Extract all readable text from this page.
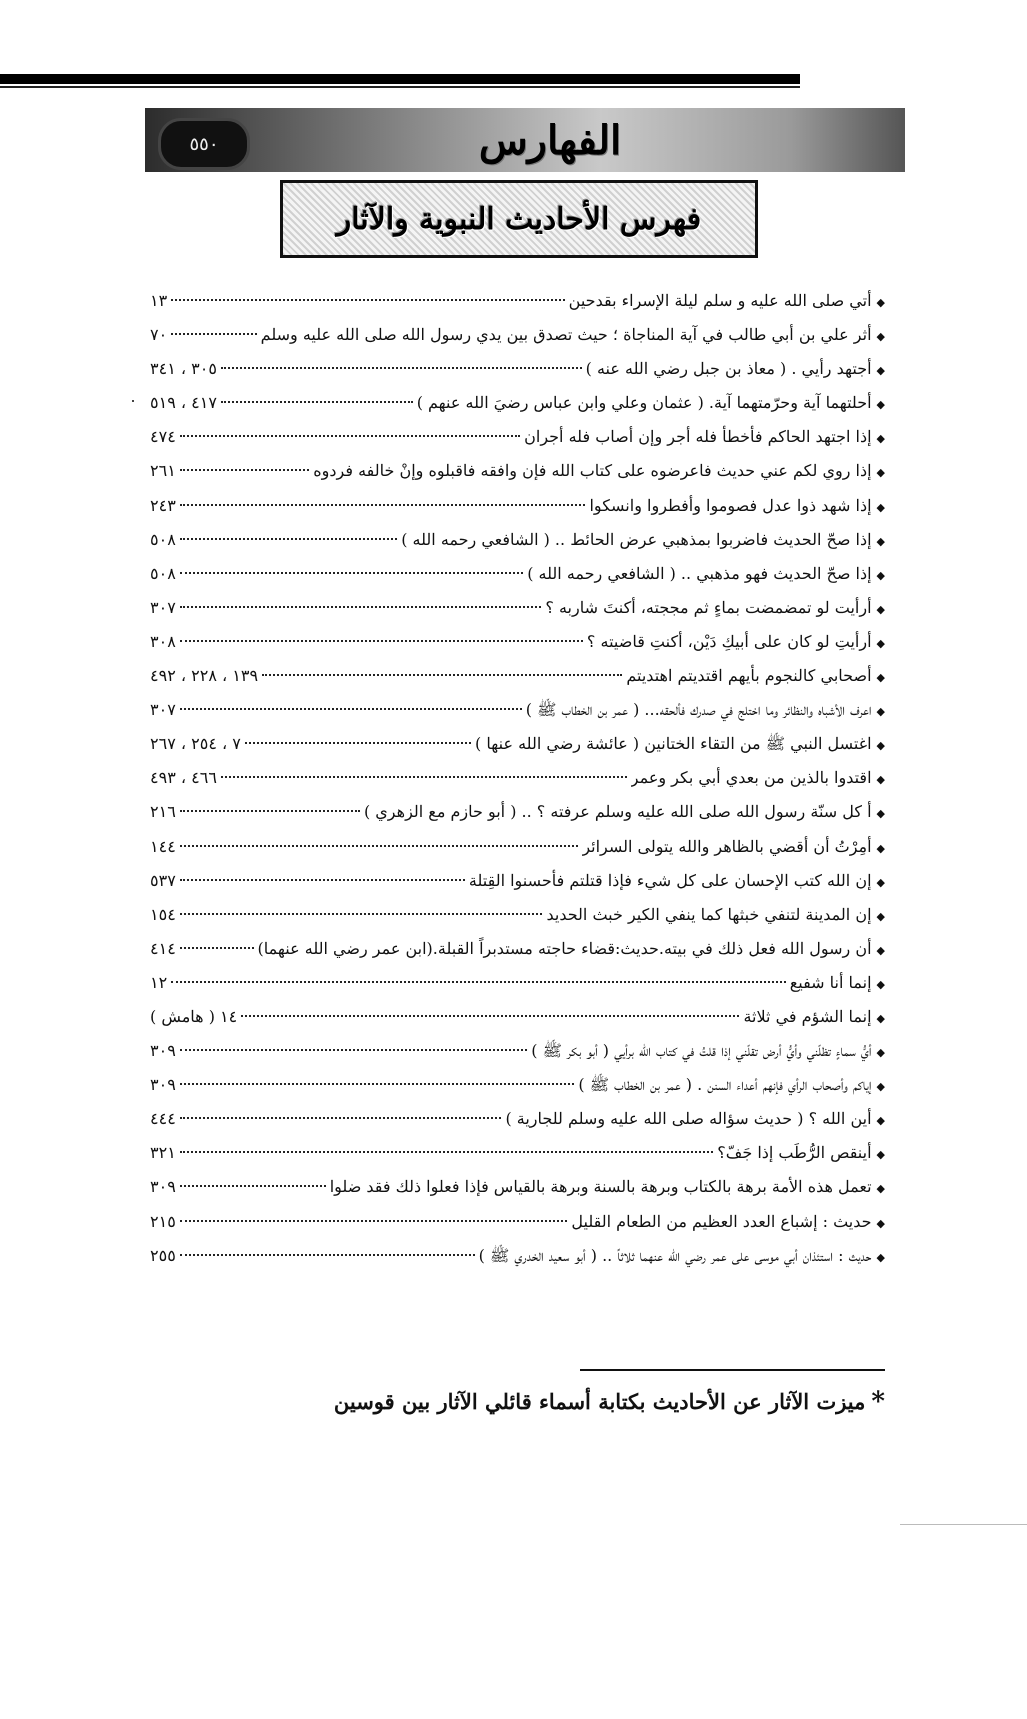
٥٥٠	الفهارس
فهرس الأحاديث النبوية والآثار
◆
أتي صلى الله عليه و سلم ليلة الإسراء بقدحين
١٣
◆
أثر علي بن أبي طالب في آية المناجاة ؛ حيث تصدق بين يدي رسول الله صلى الله عليه وسلم
٧٠
◆
أجتهد رأيي . ( معاذ بن جبل رضي الله عنه )
٣٠٥ ، ٣٤١
◆
أحلتهما آية وحرّمتهما آية. ( عثمان وعلي وابن عباس رضيَ الله عنهم )
٤١٧ ، ٥١٩
◆
إذا اجتهد الحاكم فأخطأ فله أجر وإن أصاب فله أجران
٤٧٤
◆
إذا روي لكم عني حديث فاعرضوه على كتاب الله فإن وافقه فاقبلوه وإنْ خالفه فردوه
٢٦١
◆
إذا شهد ذوا عدل فصوموا وأفطروا وانسكوا
٢٤٣
◆
إذا صحّ الحديث فاضربوا بمذهبي عرض الحائط .. ( الشافعي رحمه الله )
٥٠٨
◆
إذا صحّ الحديث فهو مذهبي .. ( الشافعي رحمه الله )
٥٠٨
◆
أرأيت لو تمضمضت بماءٍ ثم مججته، أكنتَ شاربه ؟
٣٠٧
◆
أرأيتِ لو كان على أبيكِ دَيْن، أكنتِ قاضيته ؟
٣٠٨
◆
أصحابي كالنجوم بأيهم اقتديتم اهتديتم
١٣٩ ، ٢٢٨ ، ٤٩٢
◆
اعرف الأشباه والنظائر وما اختلج في صدرك فألحقه... ( عمر بن الخطاب ﷺ )
٣٠٧
◆
اغتسل النبي ﷺ من التقاء الختانين ( عائشة رضي الله عنها )
٧ ، ٢٥٤ ، ٢٦٧
◆
اقتدوا بالذين من بعدي أبي بكر وعمر
٤٦٦ ، ٤٩٣
◆
أ كل سنّة رسول الله صلى الله عليه وسلم عرفته ؟ .. ( أبو حازم مع الزهري )
٢١٦
◆
أمِرْتُ أن أقضي بالظاهر والله يتولى السرائر
١٤٤
◆
إن الله كتب الإحسان على كل شيء فإذا قتلتم فأحسنوا القِتلة
٥٣٧
◆
إن المدينة لتنفي خبثها كما ينفي الكير خبث الحديد
١٥٤
◆
أن رسول الله فعل ذلك في بيته.حديث:قضاء حاجته مستدبراً القبلة.(ابن عمر رضي الله عنهما)
٤١٤
◆
إنما أنا شفيع
١٢
◆
إنما الشؤم في ثلاثة
١٤ ( هامش )
◆
أيُّ سماءٍ تظلّني وأيُّ أرض تقلّني إذا قلتُ في كتاب الله برأيي ( أبو بكر ﷺ )
٣٠٩
◆
إياكم وأصحاب الرأي فإنهم أعداء السنن . ( عمر بن الخطاب ﷺ )
٣٠٩
◆
أين الله ؟ ( حديث سؤاله صلى الله عليه وسلم للجارية )
٤٤٤
◆
أينقص الرُّطَب إذا جَفّ؟
٣٢١
◆
تعمل هذه الأمة برهة بالكتاب وبرهة بالسنة وبرهة بالقياس فإذا فعلوا ذلك فقد ضلوا
٣٠٩
◆
حديث : إشباع العدد العظيم من الطعام القليل
٢١٥
◆
حديث : استئذان أبي موسى على عمر رضي الله عنهما ثلاثاً .. ( أبو سعيد الخدري ﷺ )
٢٥٥
*ميزت الآثار عن الأحاديث بكتابة أسماء قائلي الآثار بين قوسين
